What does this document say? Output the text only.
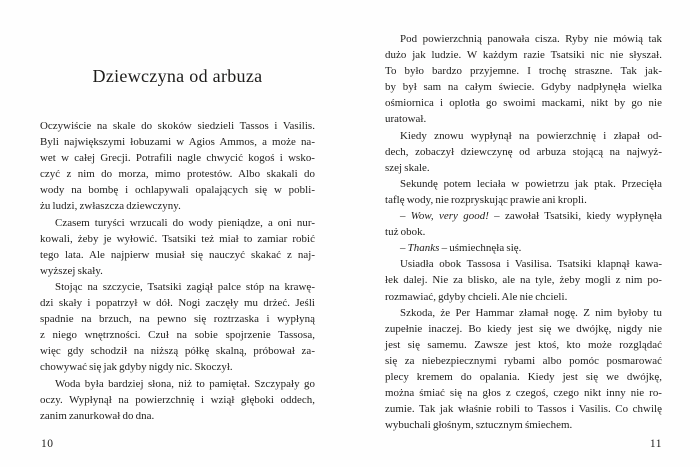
Dziewczyna od arbuza
Oczywiście na skale do skoków siedzieli Tassos i Vasilis.
Byli największymi łobuzami w Agios Ammos, a może na-
wet w całej Grecji. Potrafili nagle chwycić kogoś i wsko-
czyć z nim do morza, mimo protestów. Albo skakali do
wody na bombę i ochlapywali opalających się w pobli-
żu ludzi, zwłaszcza dziewczyny.
Czasem turyści wrzucali do wody pieniądze, a oni nur-
kowali, żeby je wyłowić. Tsatsiki też miał to zamiar robić
tego lata. Ale najpierw musiał się nauczyć skakać z naj-
wyższej skały.
Stojąc na szczycie, Tsatsiki zagiął palce stóp na krawę-
dzi skały i popatrzył w dół. Nogi zaczęły mu drżeć. Jeśli
spadnie na brzuch, na pewno się roztrzaska i wypłyną
z niego wnętrzności. Czuł na sobie spojrzenie Tassosa,
więc gdy schodził na niższą półkę skalną, próbował za-
chowywać się jak gdyby nigdy nic. Skoczył.
Woda była bardziej słona, niż to pamiętał. Szczypały go
oczy. Wypłynął na powierzchnię i wziął głęboki oddech,
zanim zanurkował do dna.
10
Pod powierzchnią panowała cisza. Ryby nie mówią tak
dużo jak ludzie. W każdym razie Tsatsiki nic nie słyszał.
To było bardzo przyjemne. I trochę straszne. Tak jak-
by był sam na całym świecie. Gdyby nadpłynęła wielka
ośmiornica i oplotła go swoimi mackami, nikt by go nie
uratował.
Kiedy znowu wypłynął na powierzchnię i złapał od-
dech, zobaczył dziewczynę od arbuza stojącą na najwyż-
szej skale.
Sekundę potem leciała w powietrzu jak ptak. Przecięła
taflę wody, nie rozpryskując prawie ani kropli.
– Wow, very good! – zawołał Tsatsiki, kiedy wypłynęła
tuż obok.
– Thanks – uśmiechnęła się.
Usiadła obok Tassosa i Vasilisa. Tsatsiki klapnął kawa-
łek dalej. Nie za blisko, ale na tyle, żeby mogli z nim po-
rozmawiać, gdyby chcieli. Ale nie chcieli.
Szkoda, że Per Hammar złamał nogę. Z nim byłoby tu
zupełnie inaczej. Bo kiedy jest się we dwójkę, nigdy nie
jest się samemu. Zawsze jest ktoś, kto może rozglądać
się za niebezpiecznymi rybami albo pomóc posmarować
plecy kremem do opalania. Kiedy jest się we dwójkę,
można śmiać się na głos z czegoś, czego nikt inny nie ro-
zumie. Tak jak właśnie robili to Tassos i Vasilis. Co chwilę
wybuchali głośnym, sztucznym śmiechem.
11
